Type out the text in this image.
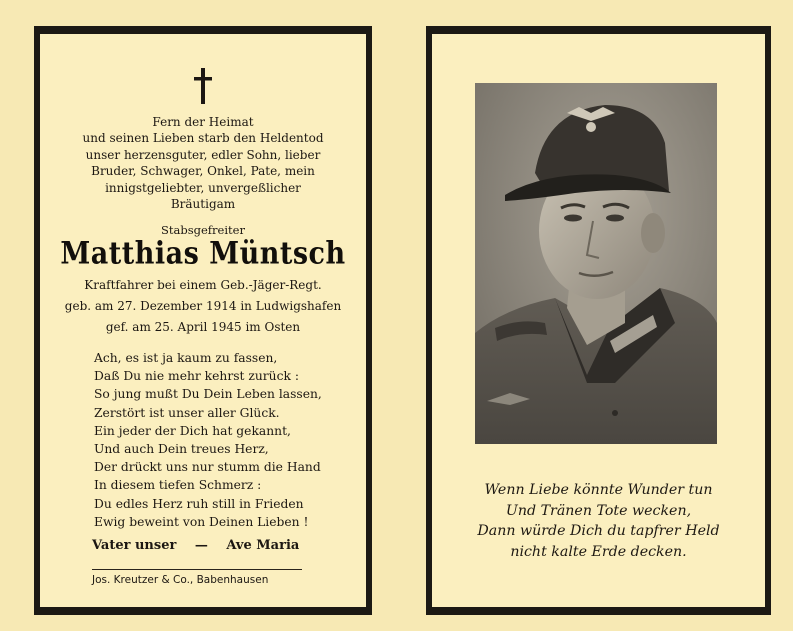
Fern der Heimat
und seinen Lieben starb den Heldentod
unser herzensguter, edler Sohn, lieber
Bruder, Schwager, Onkel, Pate, mein
innigstgeliebter, unvergeßlicher
Bräutigam
Stabsgefreiter
Matthias Müntsch
Kraftfahrer bei einem Geb.-Jäger-Regt.
geb. am 27. Dezember 1914 in Ludwigshafen
gef. am 25. April 1945 im Osten
Ach, es ist ja kaum zu fassen,
Daß Du nie mehr kehrst zurück :
So jung mußt Du Dein Leben lassen,
Zerstört ist unser aller Glück.
Ein jeder der Dich hat gekannt,
Und auch Dein treues Herz,
Der drückt uns nur stumm die Hand
In diesem tiefen Schmerz :
Du edles Herz ruh still in Frieden
Ewig beweint von Deinen Lieben !
Vater unser — Ave Maria
Jos. Kreutzer & Co., Babenhausen
Wenn Liebe könnte Wunder tun
Und Tränen Tote wecken,
Dann würde Dich du tapfrer Held
nicht kalte Erde decken.
